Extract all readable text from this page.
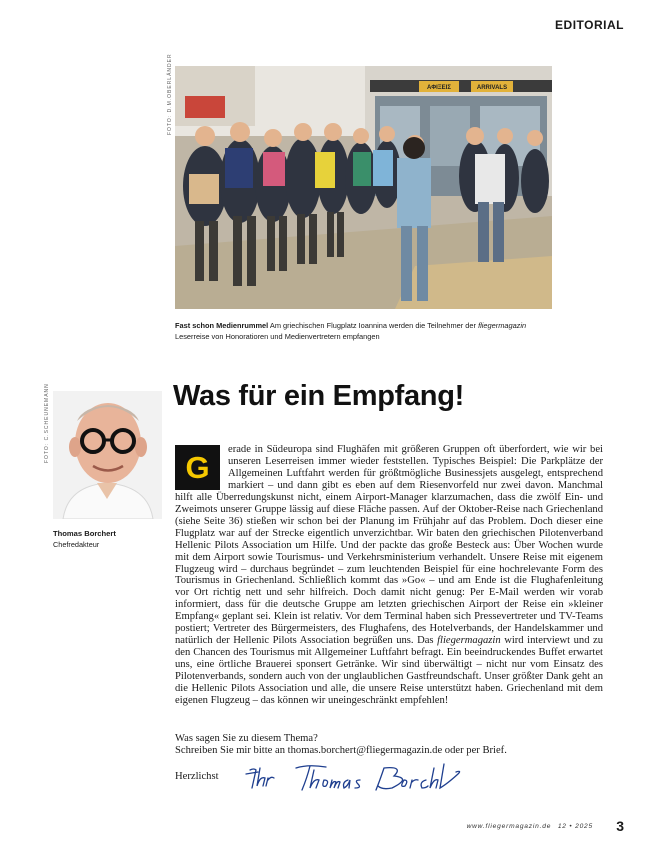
EDITORIAL
FOTO: D.M.OBERLÄNDER	ΑΦΙΞΕΙΣ	ARRIVALS
Fast schon Medienrummel Am griechischen Flugplatz Ioannina werden die Teilnehmer der fliegermagazin Leserreise von Honoratioren und Medienvertretern empfangen
FOTO: C.SCHEUNEMANN
Thomas Borchert
Chefredakteur
Was für ein Empfang!
G
erade in Südeuropa sind Flughäfen mit größeren Gruppen oft überfordert, wie wir bei unseren Leserreisen immer wieder feststellen. Typisches Beispiel: Die Parkplätze der Allgemeinen Luftfahrt werden für größtmögliche Businessjets ausgelegt, entsprechend markiert – und dann gibt es eben auf dem Riesenvorfeld nur zwei davon. Manchmal hilft alle Überredungskunst nicht, einem Airport-Manager klarzumachen, dass die zwölf Ein- und Zweimots unserer Gruppe lässig auf diese Fläche passen. Auf der Oktober-Reise nach Griechenland (siehe Seite 36) stießen wir schon bei der Planung im Frühjahr auf das Problem. Doch dieser eine Flugplatz war auf der Strecke eigentlich unverzichtbar. Wir baten den griechischen Pilotenverband Hellenic Pilots Association um Hilfe. Und der packte das große Besteck aus: Über Wochen wurde mit dem Airport sowie Tourismus- und Verkehrsministerium verhandelt. Unsere Reise mit eigenem Flugzeug wird – durchaus begründet – zum leuchtenden Beispiel für eine hochrelevante Form des Tourismus in Griechenland. Schließlich kommt das »Go« – und am Ende ist die Flughafenleitung vor Ort richtig nett und sehr hilfreich. Doch damit nicht genug: Per E-Mail werden wir vorab informiert, dass für die deutsche Gruppe am letzten griechischen Airport der Reise ein »kleiner Empfang« geplant sei. Klein ist relativ. Vor dem Terminal haben sich Pressevertreter und TV-Teams postiert; Vertreter des Bürgermeisters, des Flughafens, des Hotelverbands, der Handelskammer und natürlich der Hellenic Pilots Association begrüßen uns. Das fliegermagazin wird interviewt und zu den Chancen des Tourismus mit Allgemeiner Luftfahrt befragt. Ein beeindruckendes Buffet erwartet uns, eine örtliche Brauerei sponsert Getränke. Wir sind überwältigt – nicht nur vom Einsatz des Pilotenverbands, sondern auch von der unglaublichen Gastfreundschaft. Unser größter Dank geht an die Hellenic Pilots Association und alle, die unsere Reise unterstützt haben. Griechenland mit dem eigenen Flugzeug – das können wir uneingeschränkt empfehlen!
Was sagen Sie zu diesem Thema?
Schreiben Sie mir bitte an thomas.borchert@fliegermagazin.de oder per Brief.
Herzlichst
www.fliegermagazin.de 12 • 2025 3
